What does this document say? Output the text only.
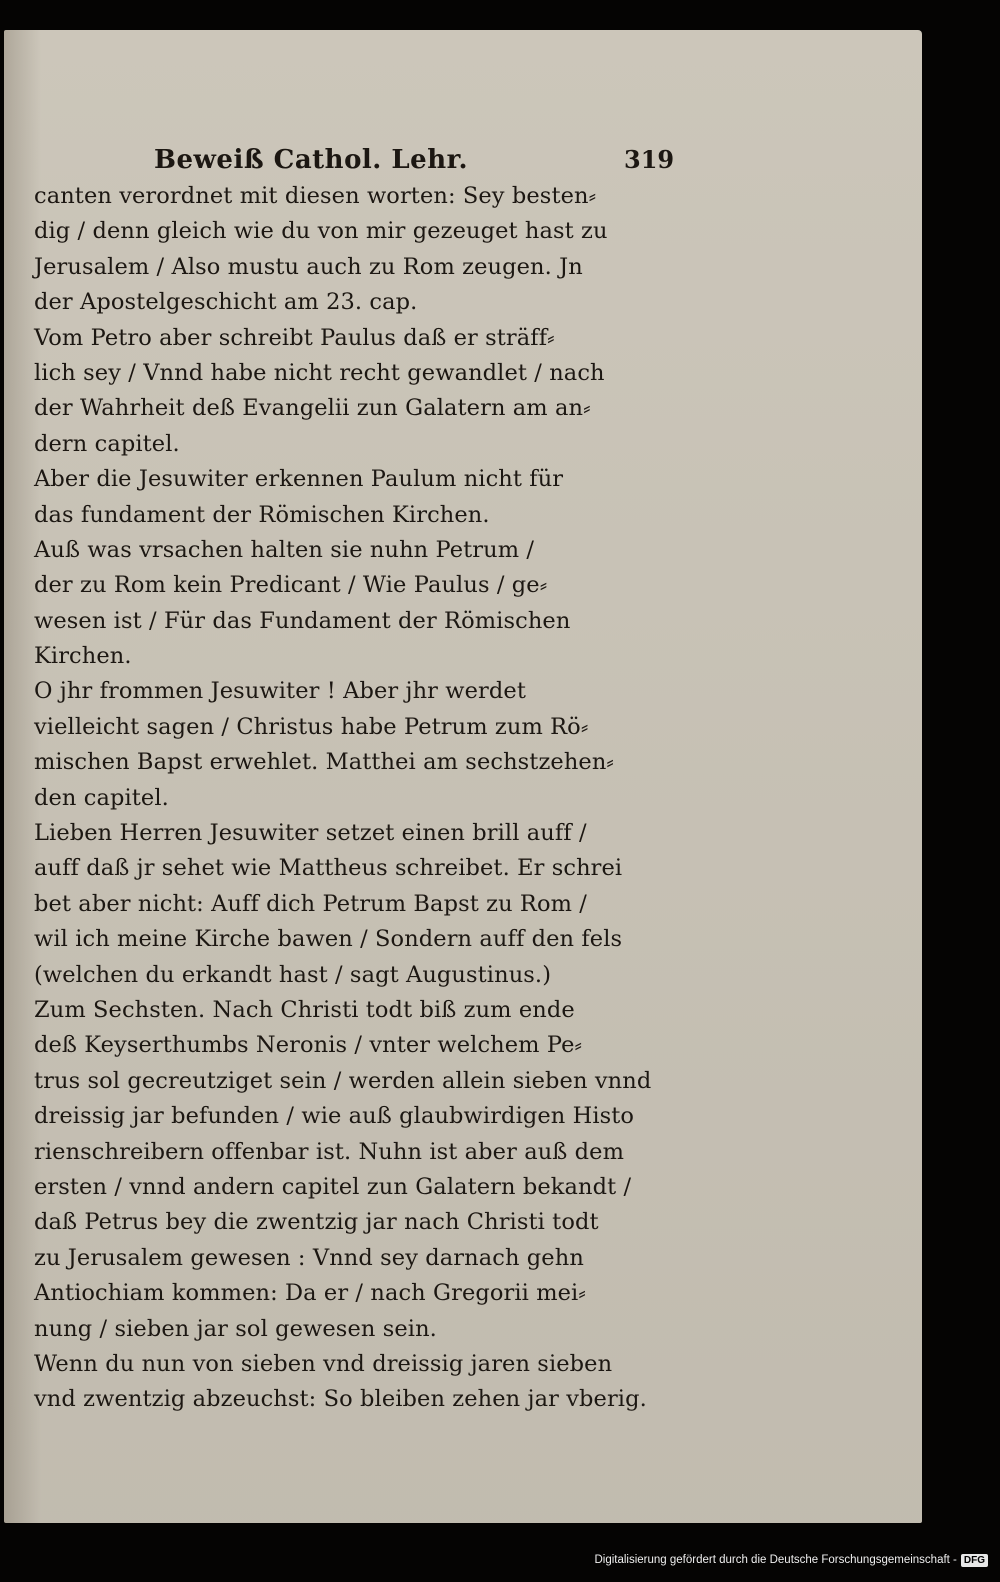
Beweiß Cathol. Lehr.	319
canten verordnet mit diesen worten: Sey besten⸗
dig / denn gleich wie du von mir gezeuget hast zu
Jerusalem / Also mustu auch zu Rom zeugen. Jn
der Apostelgeschicht am 23. cap.
Vom Petro aber schreibt Paulus daß er sträff⸗
lich sey / Vnnd habe nicht recht gewandlet / nach
der Wahrheit deß Evangelii zun Galatern am an⸗
dern capitel.
Aber die Jesuwiter erkennen Paulum nicht für
das fundament der Römischen Kirchen.
Auß was vrsachen halten sie nuhn Petrum /
der zu Rom kein Predicant / Wie Paulus / ge⸗
wesen ist / Für das Fundament der Römischen
Kirchen.
O jhr frommen Jesuwiter ! Aber jhr werdet
vielleicht sagen / Christus habe Petrum zum Rö⸗
mischen Bapst erwehlet. Matthei am sechstzehen⸗
den capitel.
Lieben Herren Jesuwiter setzet einen brill auff /
auff daß jr sehet wie Mattheus schreibet. Er schrei
bet aber nicht: Auff dich Petrum Bapst zu Rom /
wil ich meine Kirche bawen / Sondern auff den fels
(welchen du erkandt hast / sagt Augustinus.)
Zum Sechsten. Nach Christi todt biß zum ende
deß Keyserthumbs Neronis / vnter welchem Pe⸗
trus sol gecreutziget sein / werden allein sieben vnnd
dreissig jar befunden / wie auß glaubwirdigen Histo
rienschreibern offenbar ist. Nuhn ist aber auß dem
ersten / vnnd andern capitel zun Galatern bekandt /
daß Petrus bey die zwentzig jar nach Christi todt
zu Jerusalem gewesen : Vnnd sey darnach gehn
Antiochiam kommen: Da er / nach Gregorii mei⸗
nung / sieben jar sol gewesen sein.
Wenn du nun von sieben vnd dreissig jaren sieben
vnd zwentzig abzeuchst: So bleiben zehen jar vberig.
Digitalisierung gefördert durch die Deutsche Forschungsgemeinschaft - DFG
